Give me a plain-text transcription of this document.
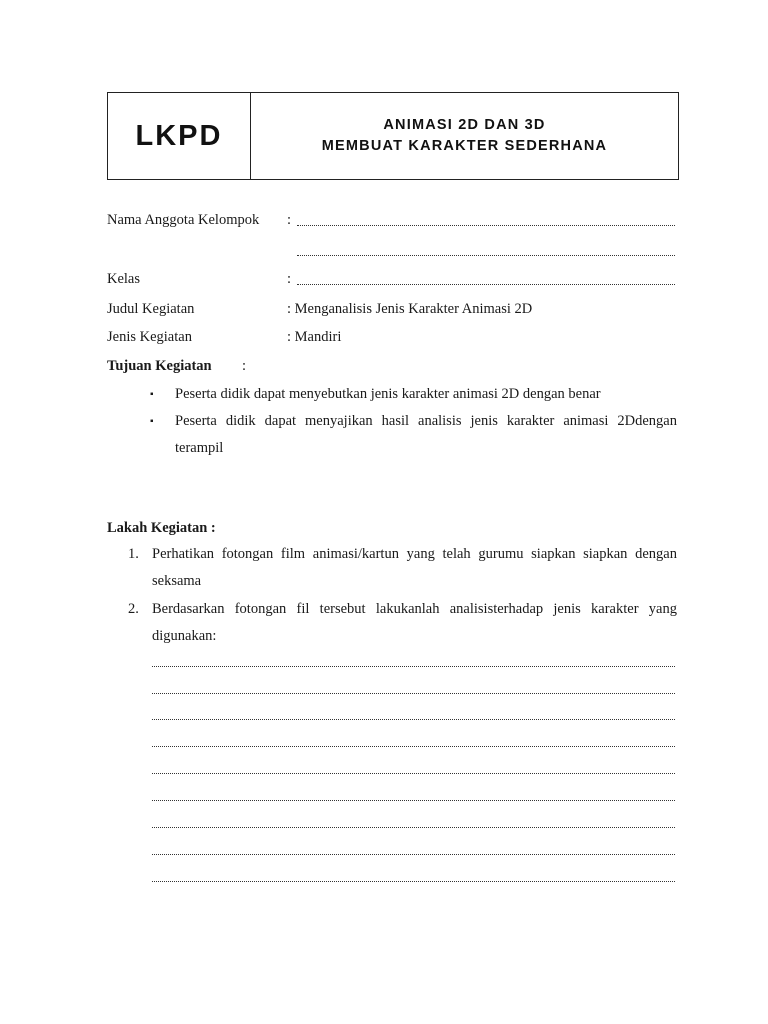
LKPD	ANIMASI 2D DAN 3D
MEMBUAT KARAKTER SEDERHANA
Nama Anggota Kelompok :
Kelas	:
Judul Kegiatan	: Menganalisis Jenis Karakter Animasi 2D
Jenis Kegiatan	: Mandiri
Tujuan Kegiatan :
▪ Peserta didik dapat menyebutkan jenis karakter animasi 2D dengan benar
▪ Peserta didik dapat menyajikan hasil analisis jenis karakter animasi 2Ddengan
terampil
Lakah Kegiatan :
1. Perhatikan fotongan film animasi/kartun yang telah gurumu siapkan siapkan dengan
seksama
2. Berdasarkan fotongan fil tersebut lakukanlah analisisterhadap jenis karakter yang
digunakan:
